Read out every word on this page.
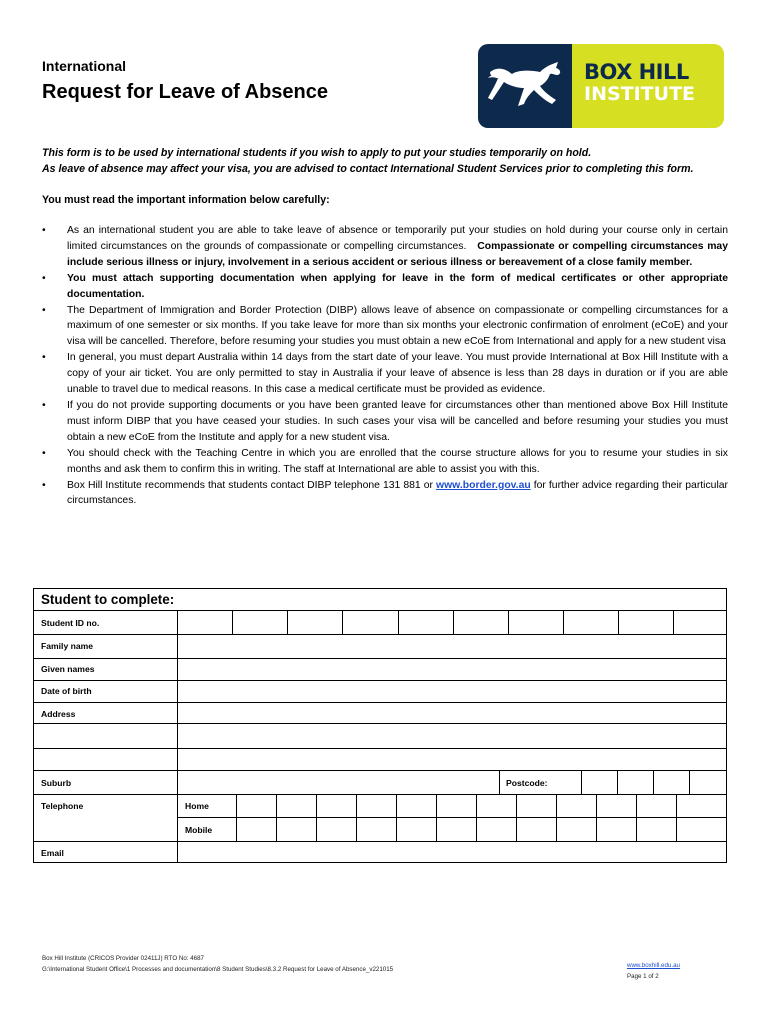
International
Request for Leave of Absence
BOX HILL
INSTITUTE
This form is to be used by international students if you wish to apply to put your studies temporarily on hold.
As leave of absence may affect your visa, you are advised to contact International Student Services prior to completing this form.
You must read the important information below carefully:
• As an international student you are able to take leave of absence or temporarily put your studies on hold during your course only in certain limited circumstances on the grounds of compassionate or compelling circumstances. Compassionate or compelling circumstances may include serious illness or injury, involvement in a serious accident or serious illness or bereavement of a close family member.
• You must attach supporting documentation when applying for leave in the form of medical certificates or other appropriate documentation.
• The Department of Immigration and Border Protection (DIBP) allows leave of absence on compassionate or compelling circumstances for a maximum of one semester or six months. If you take leave for more than six months your electronic confirmation of enrolment (eCoE) and your visa will be cancelled. Therefore, before resuming your studies you must obtain a new eCoE from International and apply for a new student visa
• In general, you must depart Australia within 14 days from the start date of your leave. You must provide International at Box Hill Institute with a copy of your air ticket. You are only permitted to stay in Australia if your leave of absence is less than 28 days in duration or if you are able unable to travel due to medical reasons. In this case a medical certificate must be provided as evidence.
• If you do not provide supporting documents or you have been granted leave for circumstances other than mentioned above Box Hill Institute must inform DIBP that you have ceased your studies. In such cases your visa will be cancelled and before resuming your studies you must obtain a new eCoE from the Institute and apply for a new student visa.
• You should check with the Teaching Centre in which you are enrolled that the course structure allows for you to resume your studies in six months and ask them to confirm this in writing. The staff at International are able to assist you with this.
• Box Hill Institute recommends that students contact DIBP telephone 131 881 or www.border.gov.au for further advice regarding their particular circumstances.
Student to complete:
Student ID no.
Family name
Given names
Date of birth
Address
Suburb	Postcode:
Telephone	Home
Mobile
Email
Box Hill Institute (CRICOS Provider 02411J) RTO No: 4687
G:\International Student Office\1 Processes and documentation\8 Student Studies\8.3.2 Request for Leave of Absence_v221015
www.boxhill.edu.au
Page 1 of 2
